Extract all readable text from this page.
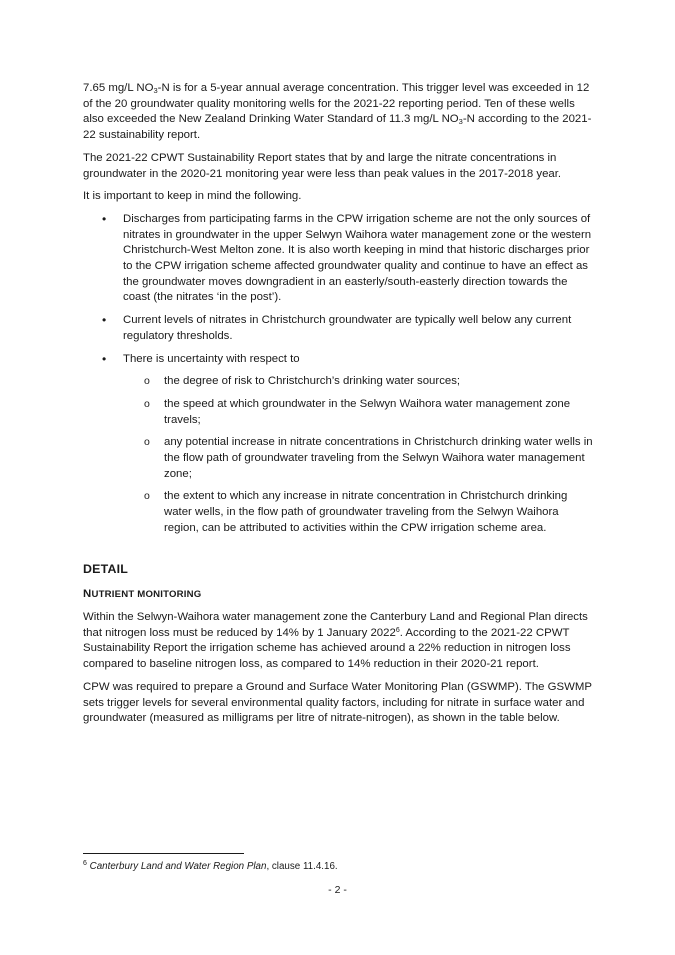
7.65 mg/L $NO_3-N$ is for a 5-year annual average concentration. This trigger level was exceeded in 12 of the 20 groundwater quality monitoring wells for the 2021-22 reporting period. Ten of these wells also exceeded the New Zealand Drinking Water Standard of 11.3 mg/L $NO_3-N$ according to the 2021-22 sustainability report.

The 2021-22 CPWT Sustainability Report states that by and large the nitrate concentrations in groundwater in the 2020-21 monitoring year were less than peak values in the 2017-2018 year.

It is important to keep in mind the following.

• Discharges from participating farms in the CPW irrigation scheme are not the only sources of nitrates in groundwater in the upper Selwyn Waihora water management zone or the western Christchurch-West Melton zone. It is also worth keeping in mind that historic discharges prior to the CPW irrigation scheme affected groundwater quality and continue to have an effect as the groundwater moves downgradient in an easterly/south-easterly direction towards the coast (the nitrates ‘in the post’).
• Current levels of nitrates in Christchurch groundwater are typically well below any current regulatory thresholds.
• There is uncertainty with respect to
o the degree of risk to Christchurch’s drinking water sources;
o the speed at which groundwater in the Selwyn Waihora water management zone travels;
o any potential increase in nitrate concentrations in Christchurch drinking water wells in the flow path of groundwater traveling from the Selwyn Waihora water management zone;
o the extent to which any increase in nitrate concentration in Christchurch drinking water wells, in the flow path of groundwater traveling from the Selwyn Waihora region, can be attributed to activities within the CPW irrigation scheme area.
DETAIL
NUTRIENT MONITORING

Within the Selwyn-Waihora water management zone the Canterbury Land and Regional Plan directs that nitrogen loss must be reduced by 14% by 1 January 2022$^6$. According to the 2021-22 CPWT Sustainability Report the irrigation scheme has achieved around a 22% reduction in nitrogen loss compared to baseline nitrogen loss, as compared to 14% reduction in their 2020-21 report.

CPW was required to prepare a Ground and Surface Water Monitoring Plan (GSWMP). The GSWMP sets trigger levels for several environmental quality factors, including for nitrate in surface water and groundwater (measured as milligrams per litre of nitrate-nitrogen), as shown in the table below.

$^6$ Canterbury Land and Water Region Plan, clause 11.4.16.
- 2 -
